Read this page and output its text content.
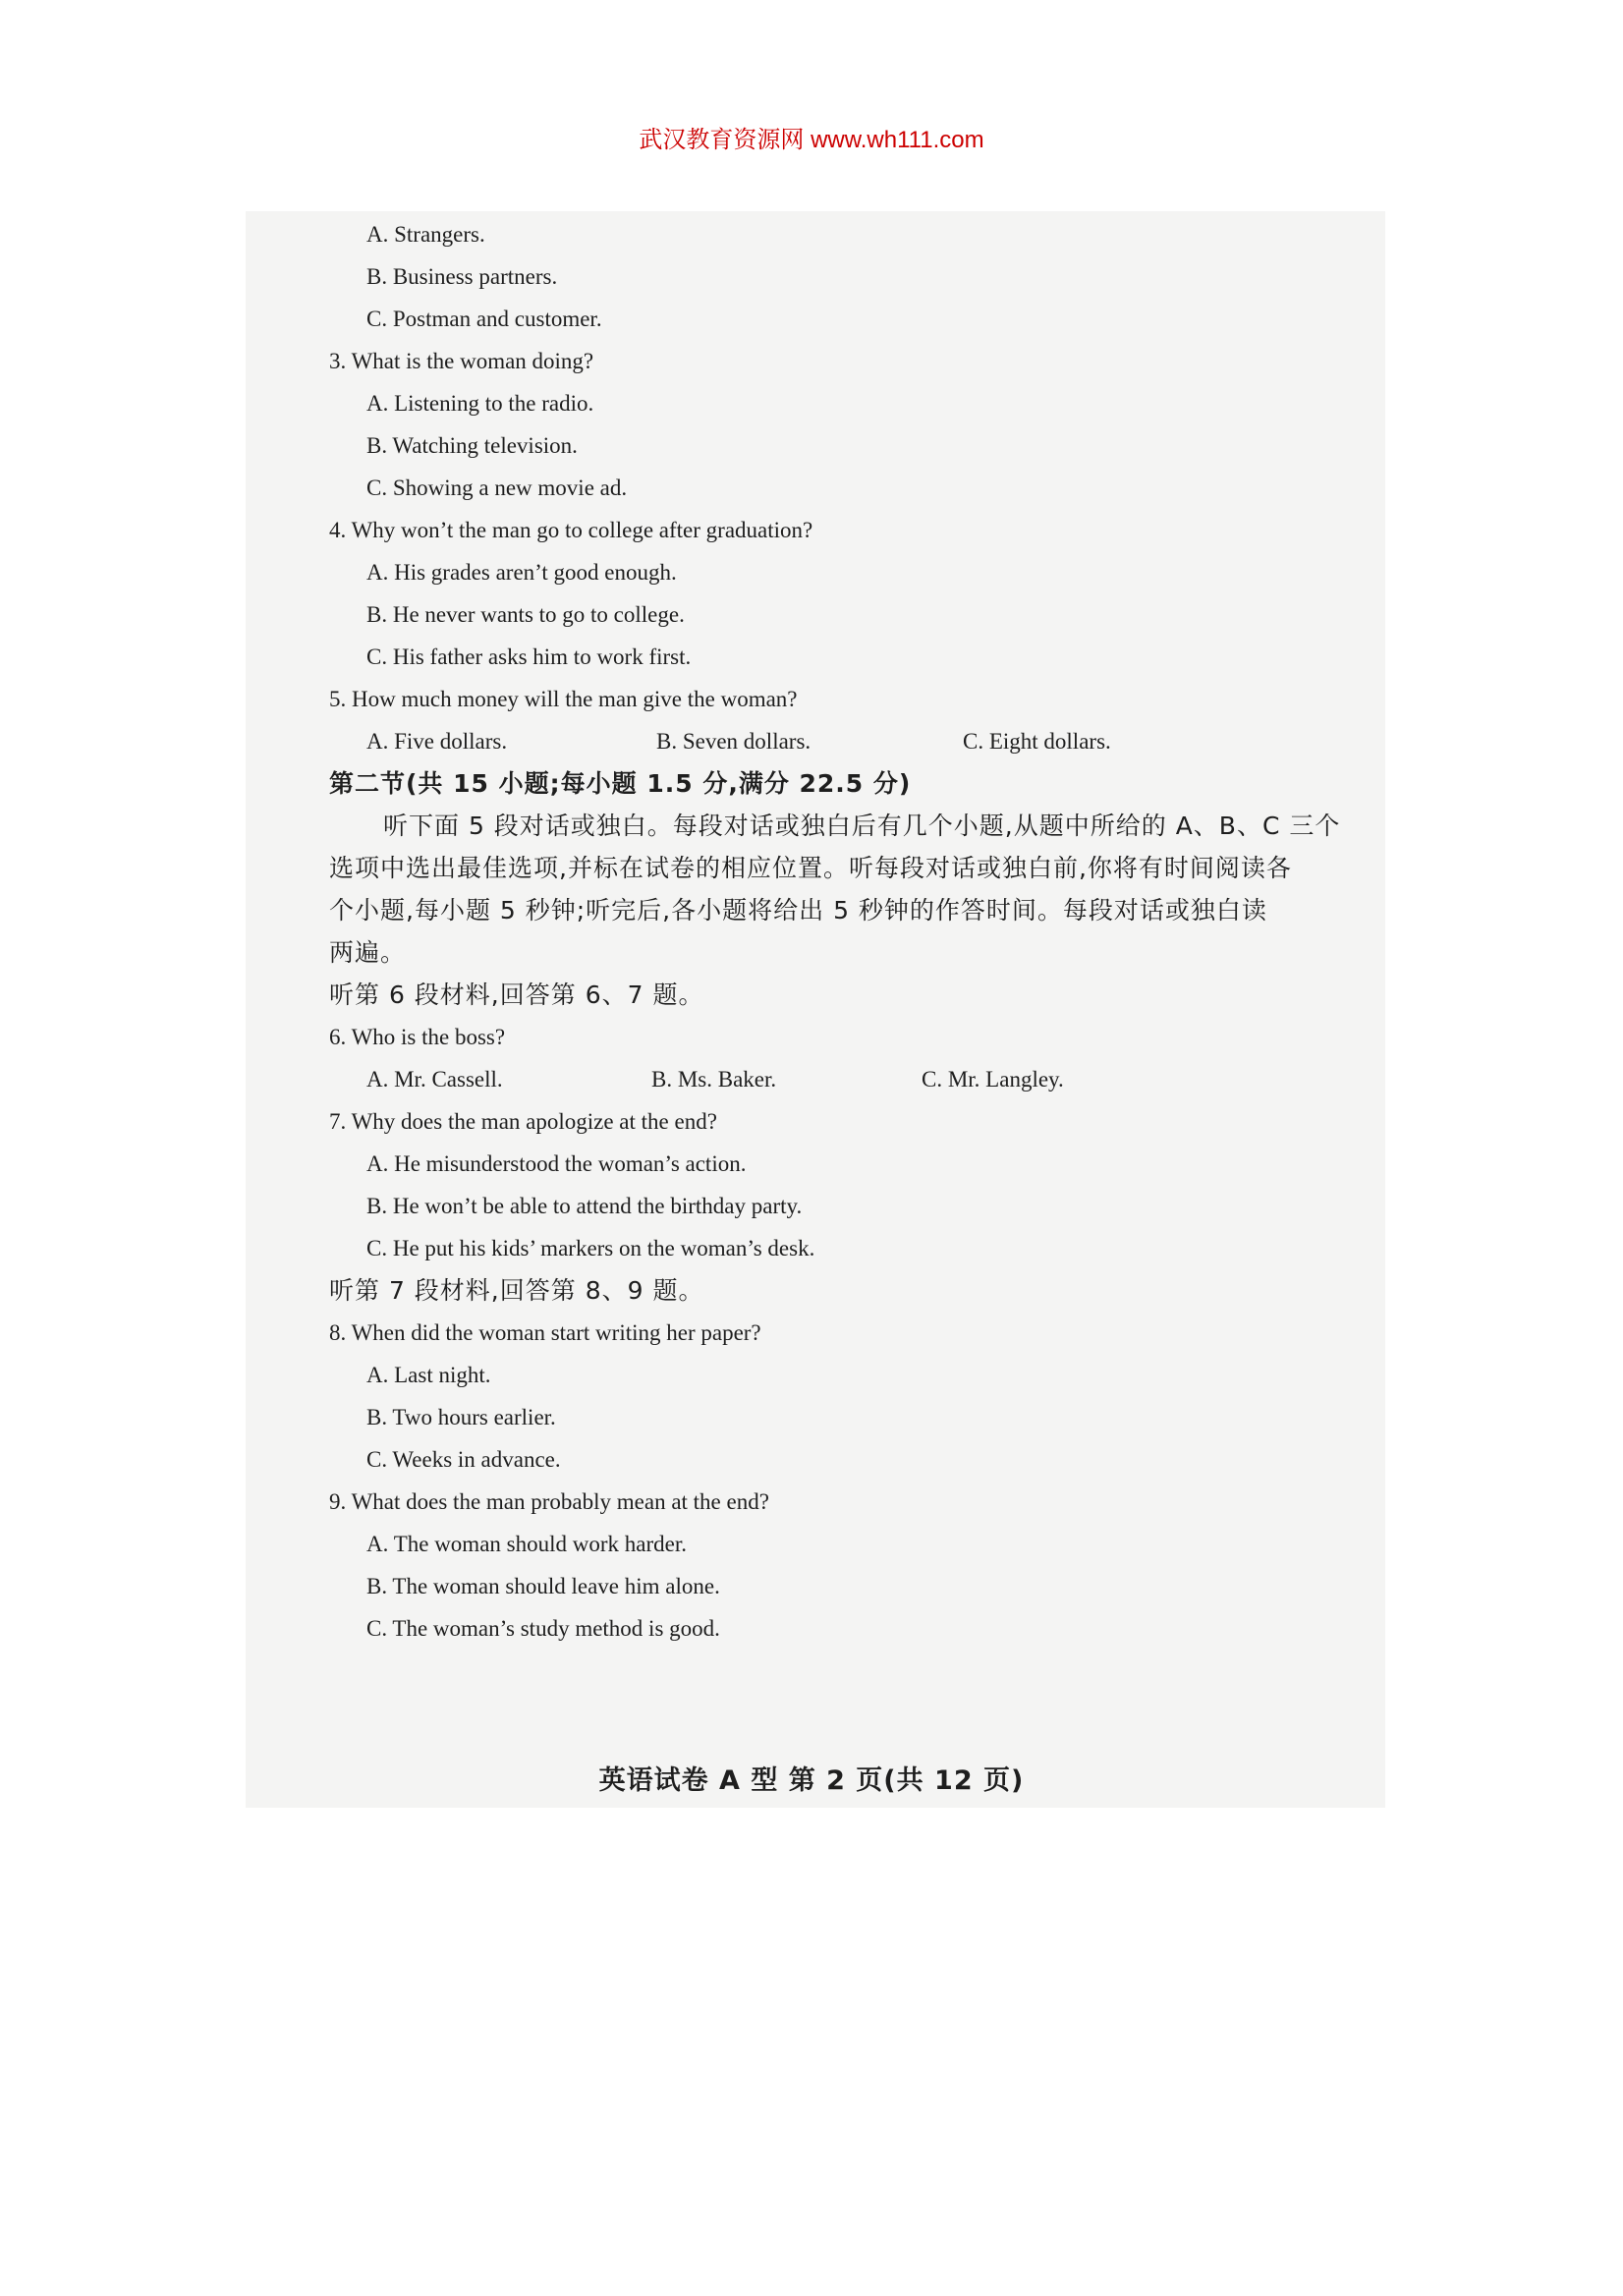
武汉教育资源网 www.wh111.com
A. Strangers.
B. Business partners.
C. Postman and customer.
3. What is the woman doing?
A. Listening to the radio.
B. Watching television.
C. Showing a new movie ad.
4. Why won’t the man go to college after graduation?
A. His grades aren’t good enough.
B. He never wants to go to college.
C. His father asks him to work first.
5. How much money will the man give the woman?
A. Five dollars.	B. Seven dollars.	C. Eight dollars.
第二节(共 15 小题;每小题 1.5 分,满分 22.5 分)
听下面 5 段对话或独白。每段对话或独白后有几个小题,从题中所给的 A、B、C 三个
选项中选出最佳选项,并标在试卷的相应位置。听每段对话或独白前,你将有时间阅读各
个小题,每小题 5 秒钟;听完后,各小题将给出 5 秒钟的作答时间。每段对话或独白读
两遍。
听第 6 段材料,回答第 6、7 题。
6. Who is the boss?
A. Mr. Cassell.	B. Ms. Baker.	C. Mr. Langley.
7. Why does the man apologize at the end?
A. He misunderstood the woman’s action.
B. He won’t be able to attend the birthday party.
C. He put his kids’ markers on the woman’s desk.
听第 7 段材料,回答第 8、9 题。
8. When did the woman start writing her paper?
A. Last night.
B. Two hours earlier.
C. Weeks in advance.
9. What does the man probably mean at the end?
A. The woman should work harder.
B. The woman should leave him alone.
C. The woman’s study method is good.
英语试卷 A 型 第 2 页(共 12 页)
